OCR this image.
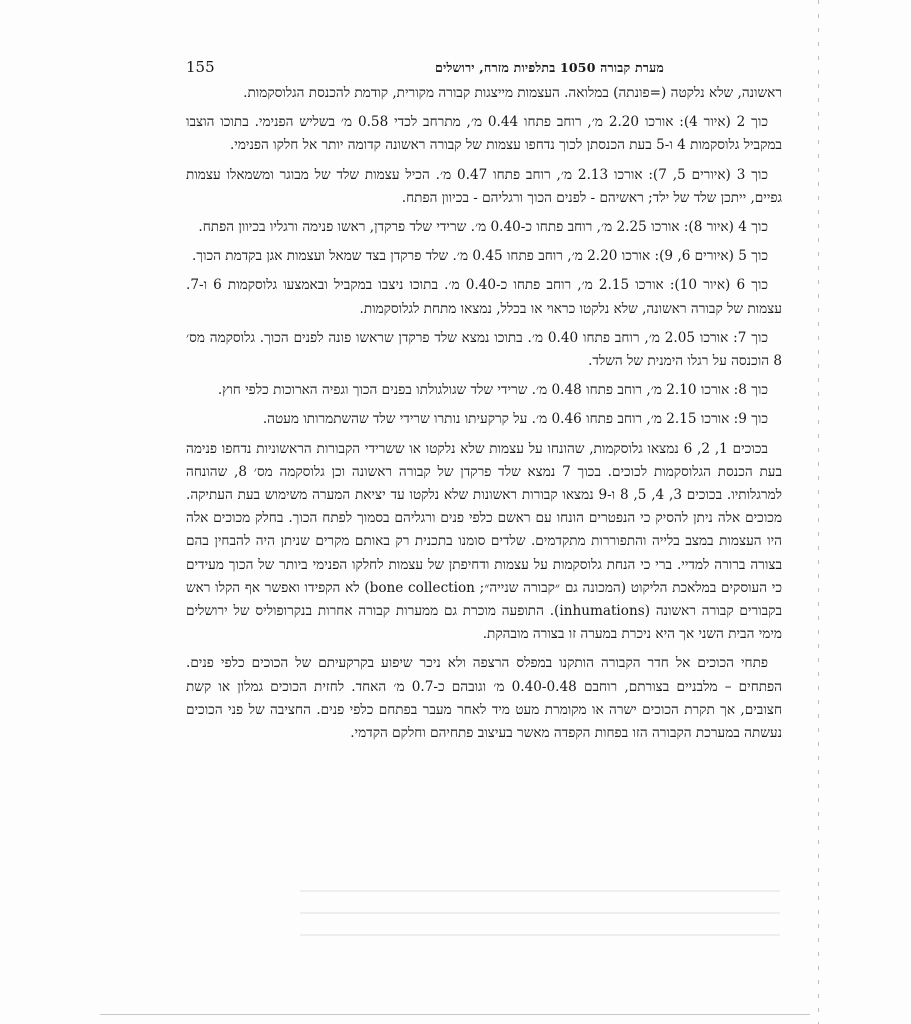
מערת קבורה 1050 בתלפיות מזרח, ירושלים
155

ראשונה, שלא נלקטה (=פונתה) במלואה. העצמות מייצגות קבורה מקורית, קודמת להכנסת הגלוסקמות.

כוך 2 (איור 4): אורכו 2.20 מ׳, רוחב פתחו 0.44 מ׳, מתרחב לכדי 0.58 מ׳ בשליש הפנימי. בתוכו הוצבו במקביל גלוסקמות 4 ו-5 בעת הכנסתן לכוך נדחפו עצמות של קבורה ראשונה קדומה יותר אל חלקו הפנימי.

כוך 3 (איורים 5, 7): אורכו 2.13 מ׳, רוחב פתחו 0.47 מ׳. הכיל עצמות שלד של מבוגר ומשמאלו עצמות גפיים, ייתכן שלד של ילד; ראשיהם - לפנים הכוך ורגליהם - בכיוון הפתח.

כוך 4 (איור 8): אורכו 2.25 מ׳, רוחב פתחו כ-0.40 מ׳. שרידי שלד פרקדן, ראשו פנימה ורגליו בכיוון הפתח.

כוך 5 (איורים 6, 9): אורכו 2.20 מ׳, רוחב פתחו 0.45 מ׳. שלד פרקדן בצד שמאל ועצמות אגן בקדמת הכוך.

כוך 6 (איור 10): אורכו 2.15 מ׳, רוחב פתחו כ-0.40 מ׳. בתוכו ניצבו במקביל ובאמצעו גלוסקמות 6 ו-7. עצמות של קבורה ראשונה, שלא נלקטו כראוי או בכלל, נמצאו מתחת לגלוסקמות.

כוך 7: אורכו 2.05 מ׳, רוחב פתחו 0.40 מ׳. בתוכו נמצא שלד פרקדן שראשו פונה לפנים הכוך. גלוסקמה מס׳ 8 הוכנסה על רגלו הימנית של השלד.

כוך 8: אורכו 2.10 מ׳, רוחב פתחו 0.48 מ׳. שרידי שלד שגולגולתו בפנים הכוך וגפיה הארוכות כלפי חוץ.

כוך 9: אורכו 2.15 מ׳, רוחב פתחו 0.46 מ׳. על קרקעיתו נותרו שרידי שלד שהשתמרותו מעטה.

בכוכים 1, 2, 6 נמצאו גלוסקמות, שהונחו על עצמות שלא נלקטו או ששרידי הקבורות הראשוניות נדחפו פנימה בעת הכנסת הגלוסקמות לכוכים. בכוך 7 נמצא שלד פרקדן של קבורה ראשונה וכן גלוסקמה מס׳ 8, שהונחה למרגלותיו. בכוכים 3, 4, 5, 8 ו-9 נמצאו קבורות ראשונות שלא נלקטו עד יציאת המערה משימוש בעת העתיקה. מכוכים אלה ניתן להסיק כי הנפטרים הונחו עם ראשם כלפי פנים ורגליהם בסמוך לפתח הכוך. בחלק מכוכים אלה היו העצמות במצב בלייה והתפוררות מתקדמים. שלדים סומנו בתכנית רק באותם מקרים שניתן היה להבחין בהם בצורה ברורה למדיי. ברי כי הנחת גלוסקמות על עצמות ודחיפתן של עצמות לחלקו הפנימי ביותר של הכוך מעידים כי העוסקים במלאכת הליקוט (המכונה גם ״קבורה שנייה״; bone collection) לא הקפידו ואפשר אף הקלו ראש בקבורים קבורה ראשונה (inhumations). התופעה מוכרת גם ממערות קבורה אחרות בנקרופוליס של ירושלים מימי הבית השני אך היא ניכרת במערה זו בצורה מובהקת.

פתחי הכוכים אל חדר הקבורה הותקנו במפלס הרצפה ולא ניכר שיפוע בקרקעיתם של הכוכים כלפי פנים. הפתחים – מלבניים בצורתם, רוחבם 0.40-0.48 מ׳ וגובהם כ-0.7 מ׳ האחד. לחזית הכוכים גמלון או קשת חצובים, אך תקרת הכוכים ישרה או מקומרת מעט מיד לאחר מעבר בפתחם כלפי פנים. החציבה של פני הכוכים נעשתה במערכת הקבורה הזו בפחות הקפדה מאשר בעיצוב פתחיהם וחלקם הקדמי.
